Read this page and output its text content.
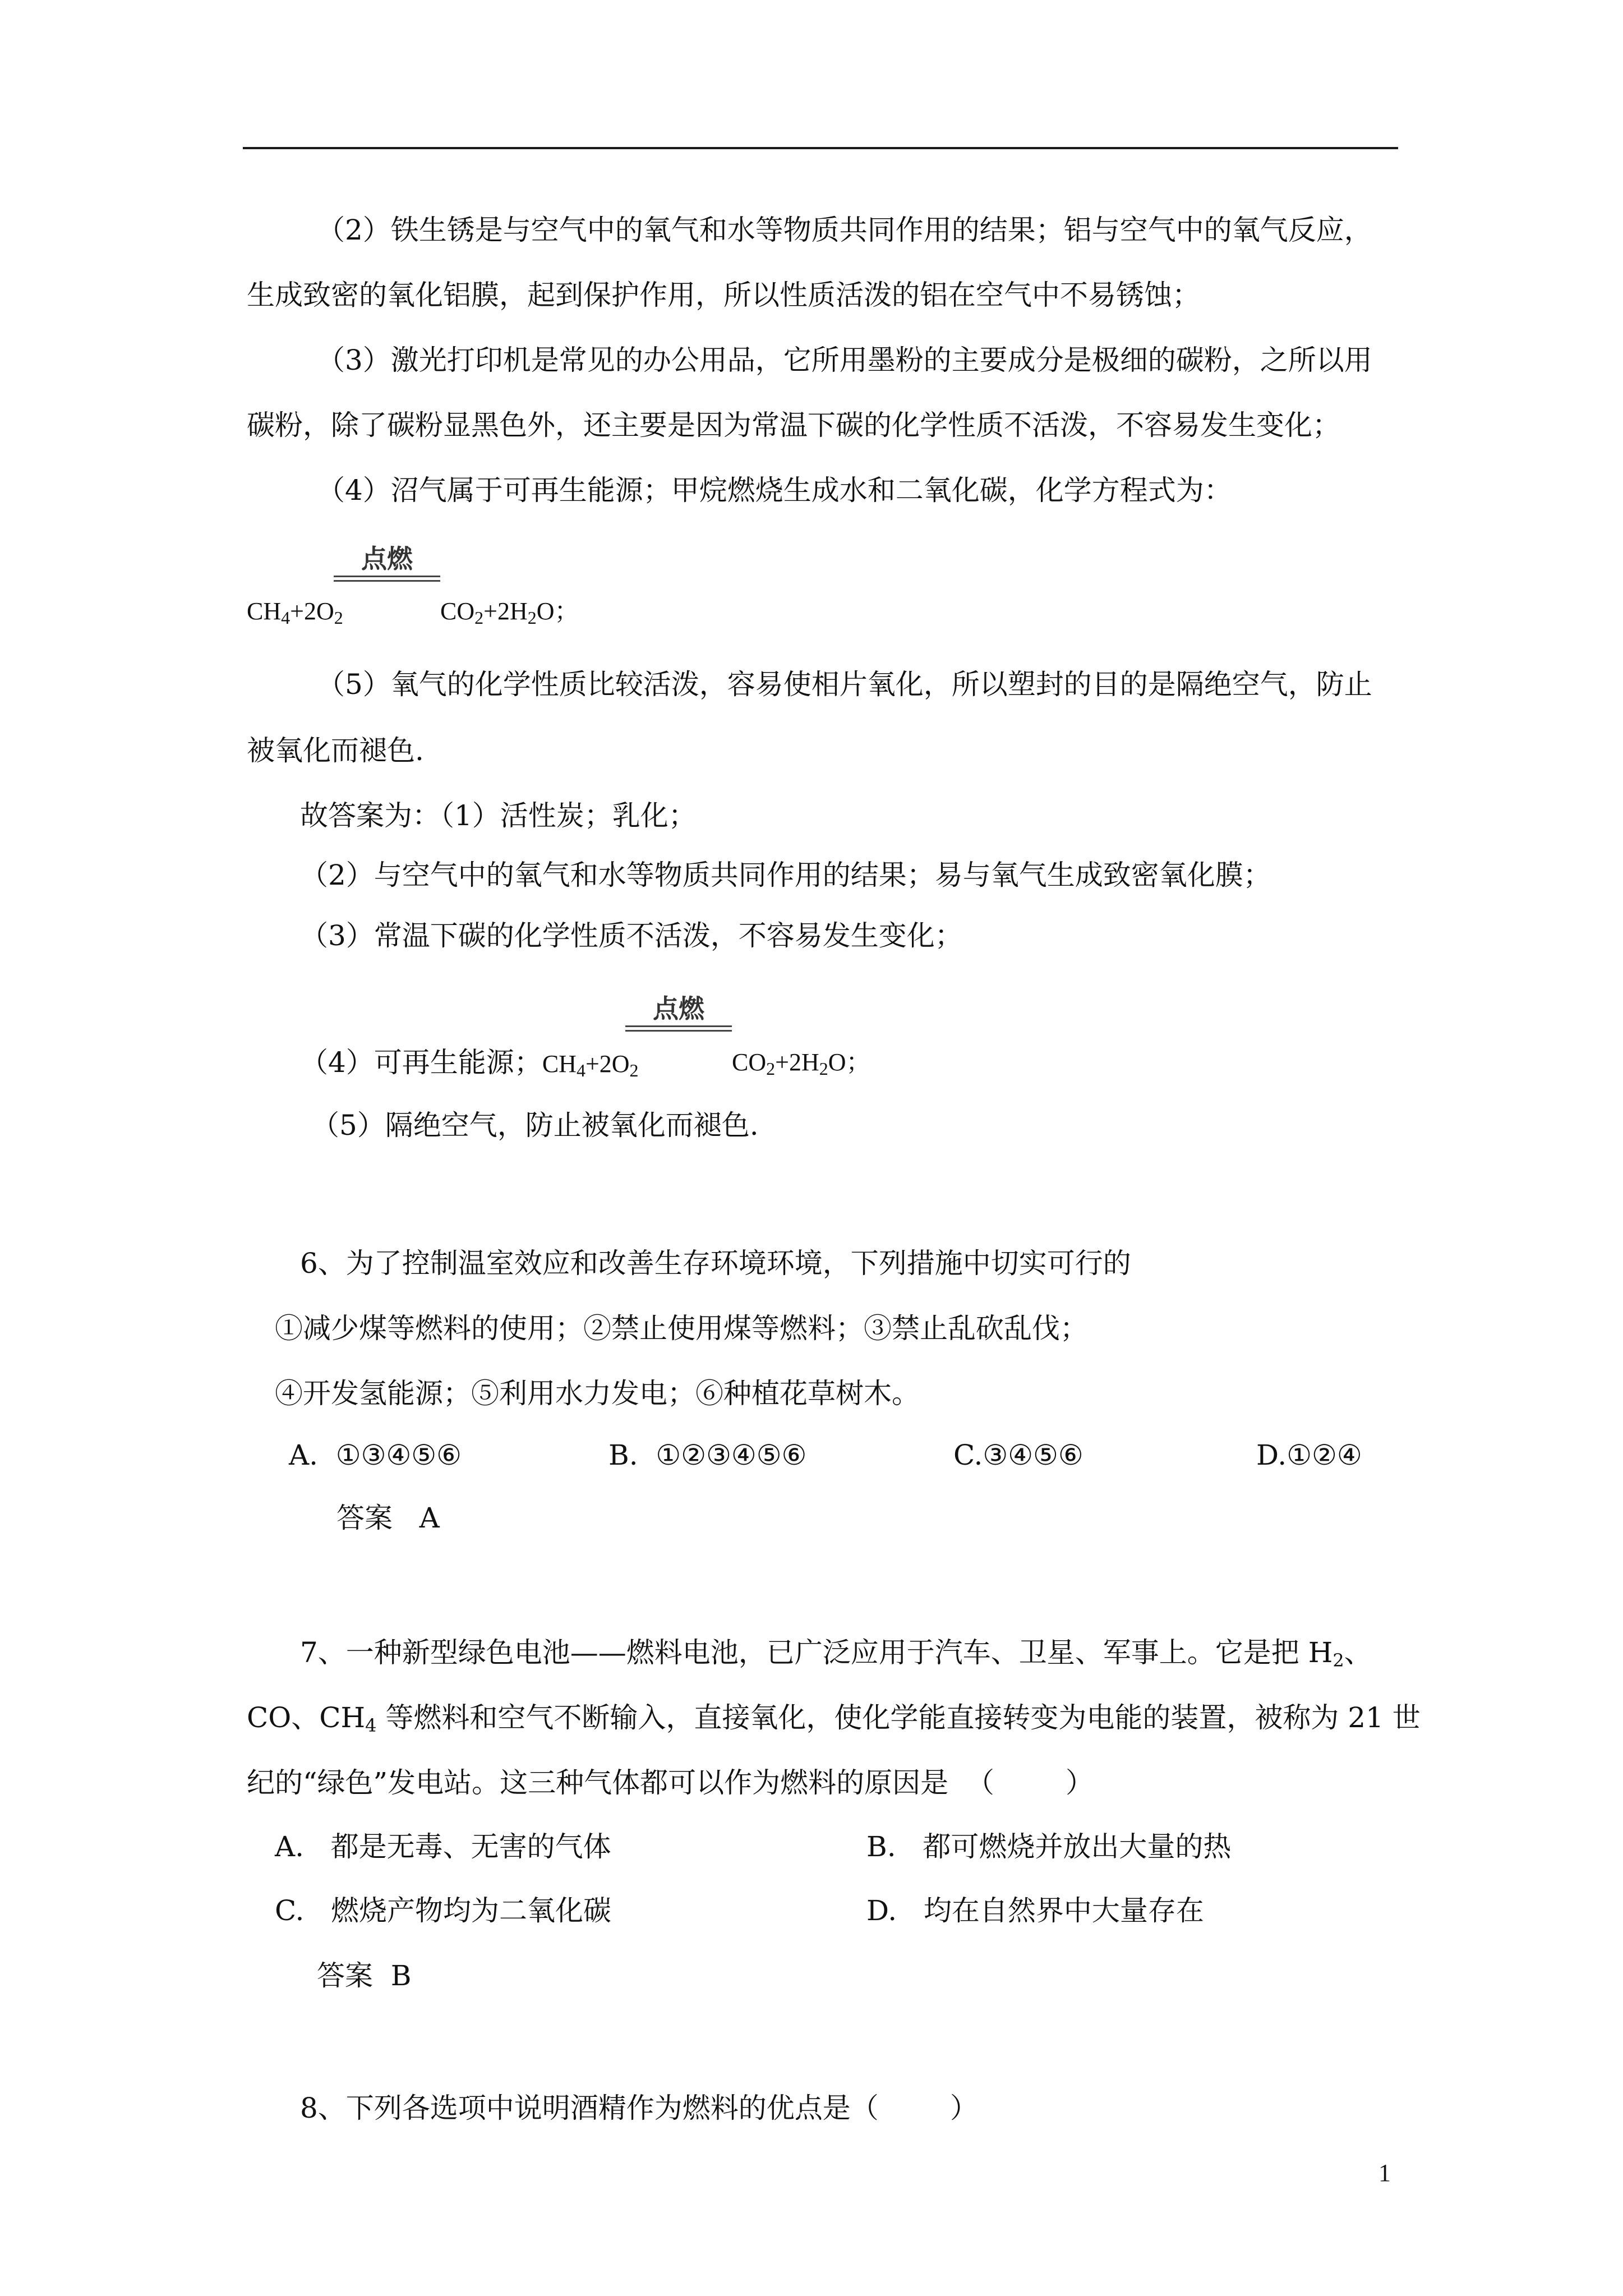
（2）铁生锈是与空气中的氧气和水等物质共同作用的结果；铝与空气中的氧气反应，
生成致密的氧化铝膜，起到保护作用，所以性质活泼的铝在空气中不易锈蚀；
（3）激光打印机是常见的办公用品，它所用墨粉的主要成分是极细的碳粉，之所以用
碳粉，除了碳粉显黑色外，还主要是因为常温下碳的化学性质不活泼，不容易发生变化；
（4）沼气属于可再生能源；甲烷燃烧生成水和二氧化碳，化学方程式为：
点燃
$CH_4+2O_2$	$CO_2+2H_2O$；
（5）氧气的化学性质比较活泼，容易使相片氧化，所以塑封的目的是隔绝空气，防止
被氧化而褪色.
故答案为：（1）活性炭；乳化；
（2）与空气中的氧气和水等物质共同作用的结果；易与氧气生成致密氧化膜；
（3）常温下碳的化学性质不活泼，不容易发生变化；
点燃
（4）可再生能源；$CH_4+2O_2$	$CO_2+2H_2O$；
（5）隔绝空气，防止被氧化而褪色.
6、为了控制温室效应和改善生存环境环境，下列措施中切实可行的
①减少煤等燃料的使用；②禁止使用煤等燃料；③禁止乱砍乱伐；
④开发氢能源；⑤利用水力发电；⑥种植花草树木。
A.  ①③④⑤⑥	B.  ①②③④⑤⑥	C.③④⑤⑥	D.①②④
答案   A
7、一种新型绿色电池——燃料电池，已广泛应用于汽车、卫星、军事上。它是把 $H_2$、
CO、$CH_4$ 等燃料和空气不断输入，直接氧化，使化学能直接转变为电能的装置，被称为 21 世
纪的“绿色”发电站。这三种气体都可以作为燃料的原因是  （        ）
A.   都是无毒、无害的气体	B.   都可燃烧并放出大量的热
C.   燃烧产物均为二氧化碳	D.   均在自然界中大量存在
答案  B
8、下列各选项中说明酒精作为燃料的优点是（        ）
1
